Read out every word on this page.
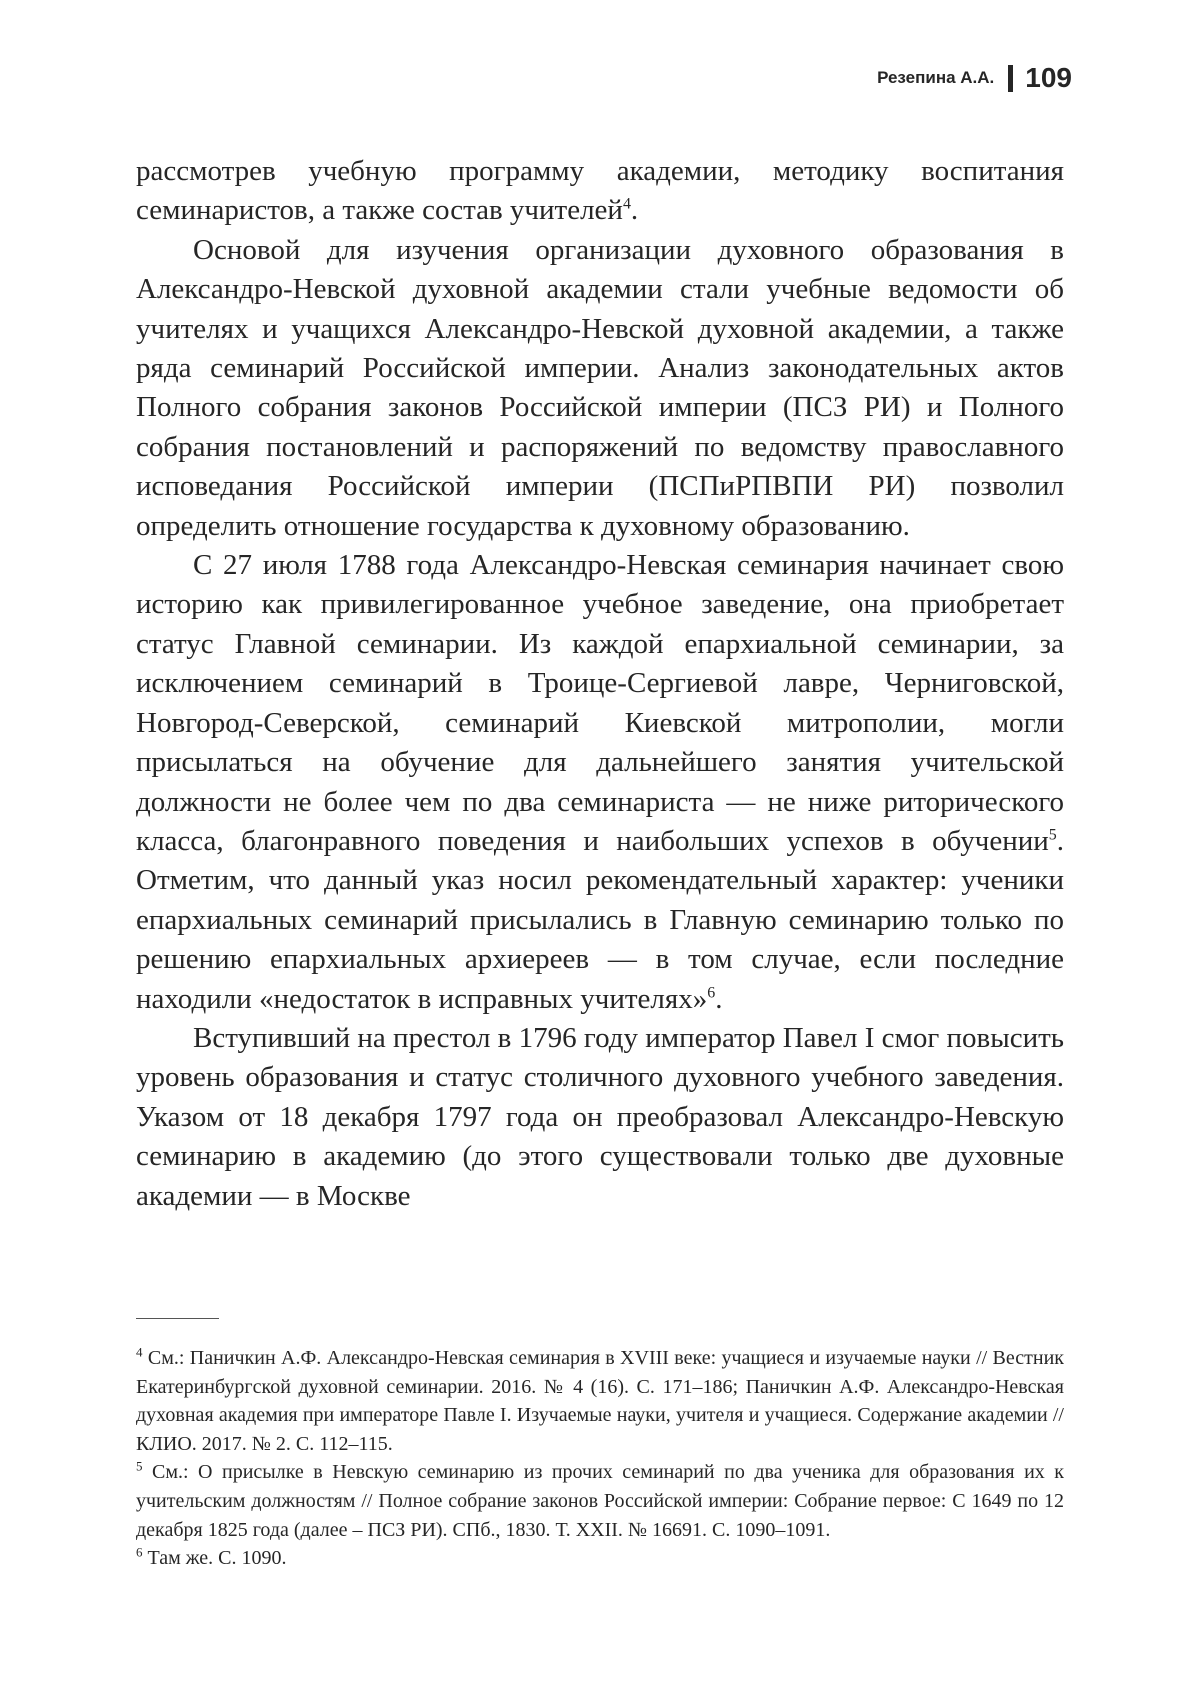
Резепина А.А. 109

рассмотрев учебную программу академии, методику воспитания семинаристов, а также состав учителей$^4$.

Основой для изучения организации духовного образования в Александро-Невской духовной академии стали учебные ведомости об учителях и учащихся Александро-Невской духовной академии, а также ряда семинарий Российской империи. Анализ законодательных актов Полного собрания законов Российской империи (ПСЗ РИ) и Полного собрания постановлений и распоряжений по ведомству православного исповедания Российской империи (ПСПиРПВПИ РИ) позволил определить отношение государства к духовному образованию.

С 27 июля 1788 года Александро-Невская семинария начинает свою историю как привилегированное учебное заведение, она приобретает статус Главной семинарии. Из каждой епархиальной семинарии, за исключением семинарий в Троице-Сергиевой лавре, Черниговской, Новгород-Северской, семинарий Киевской митрополии, могли присылаться на обучение для дальнейшего занятия учительской должности не более чем по два семинариста — не ниже риторического класса, благонравного поведения и наибольших успехов в обучении$^5$. Отметим, что данный указ носил рекомендательный характер: ученики епархиальных семинарий присылались в Главную семинарию только по решению епархиальных архиереев — в том случае, если последние находили «недостаток в исправных учителях»$^6$.

Вступивший на престол в 1796 году император Павел I смог повысить уровень образования и статус столичного духовного учебного заведения. Указом от 18 декабря 1797 года он преобразовал Александро-Невскую семинарию в академию (до этого существовали только две духовные академии — в Москве

$^4$ См.: Паничкин А.Ф. Александро-Невская семинария в XVIII веке: учащиеся и изучаемые науки // Вестник Екатеринбургской духовной семинарии. 2016. № 4 (16). С. 171–186; Паничкин А.Ф. Александро-Невская духовная академия при императоре Павле I. Изучаемые науки, учителя и учащиеся. Содержание академии // КЛИО. 2017. № 2. С. 112–115.

$^5$ См.: О присылке в Невскую семинарию из прочих семинарий по два ученика для образования их к учительским должностям // Полное собрание законов Российской империи: Собрание первое: С 1649 по 12 декабря 1825 года (далее – ПСЗ РИ). СПб., 1830. Т. XXII. № 16691. С. 1090–1091.

$^6$ Там же. С. 1090.
